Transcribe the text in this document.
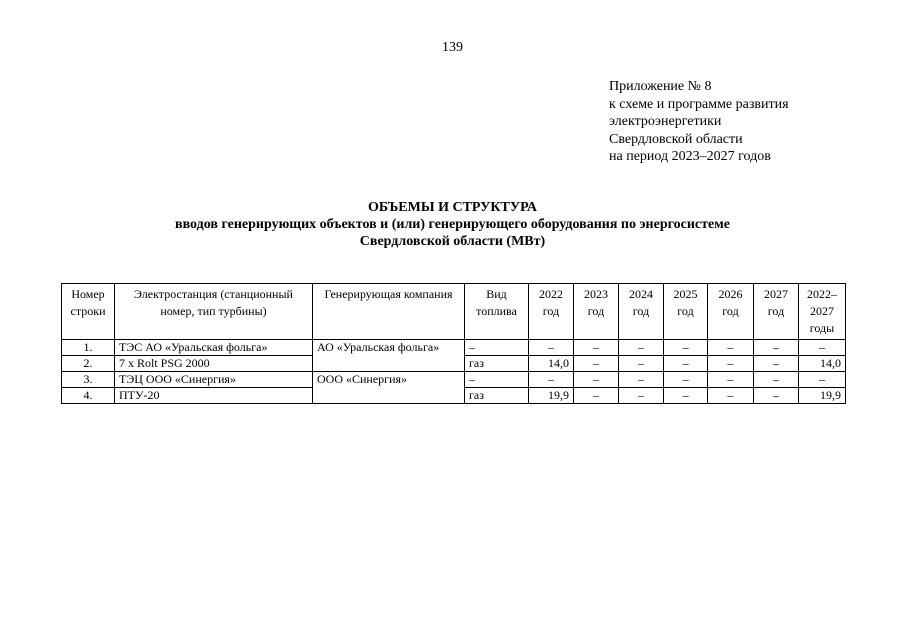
139
Приложение № 8
к схеме и программе развития
электроэнергетики
Свердловской области
на период 2023–2027 годов
ОБЪЕМЫ И СТРУКТУРА
вводов генерирующих объектов и (или) генерирующего оборудования по энергосистеме
Свердловской области (МВт)
Номер строки	Электростанция (станционный номер, тип турбины)	Генерирующая компания	Вид топлива	2022 год	2023 год	2024 год	2025 год	2026 год	2027 год	2022–2027 годы
1.	ТЭС АО «Уральская фольга»	АО «Уральская фольга»	–	–	–	–	–	–	–	–
2.	7 x Rolt PSG 2000		газ	14,0	–	–	–	–	–	14,0
3.	ТЭЦ ООО «Синергия»	ООО «Синергия»	–	–	–	–	–	–	–	–
4.	ПТУ-20		газ	19,9	–	–	–	–	–	19,9
